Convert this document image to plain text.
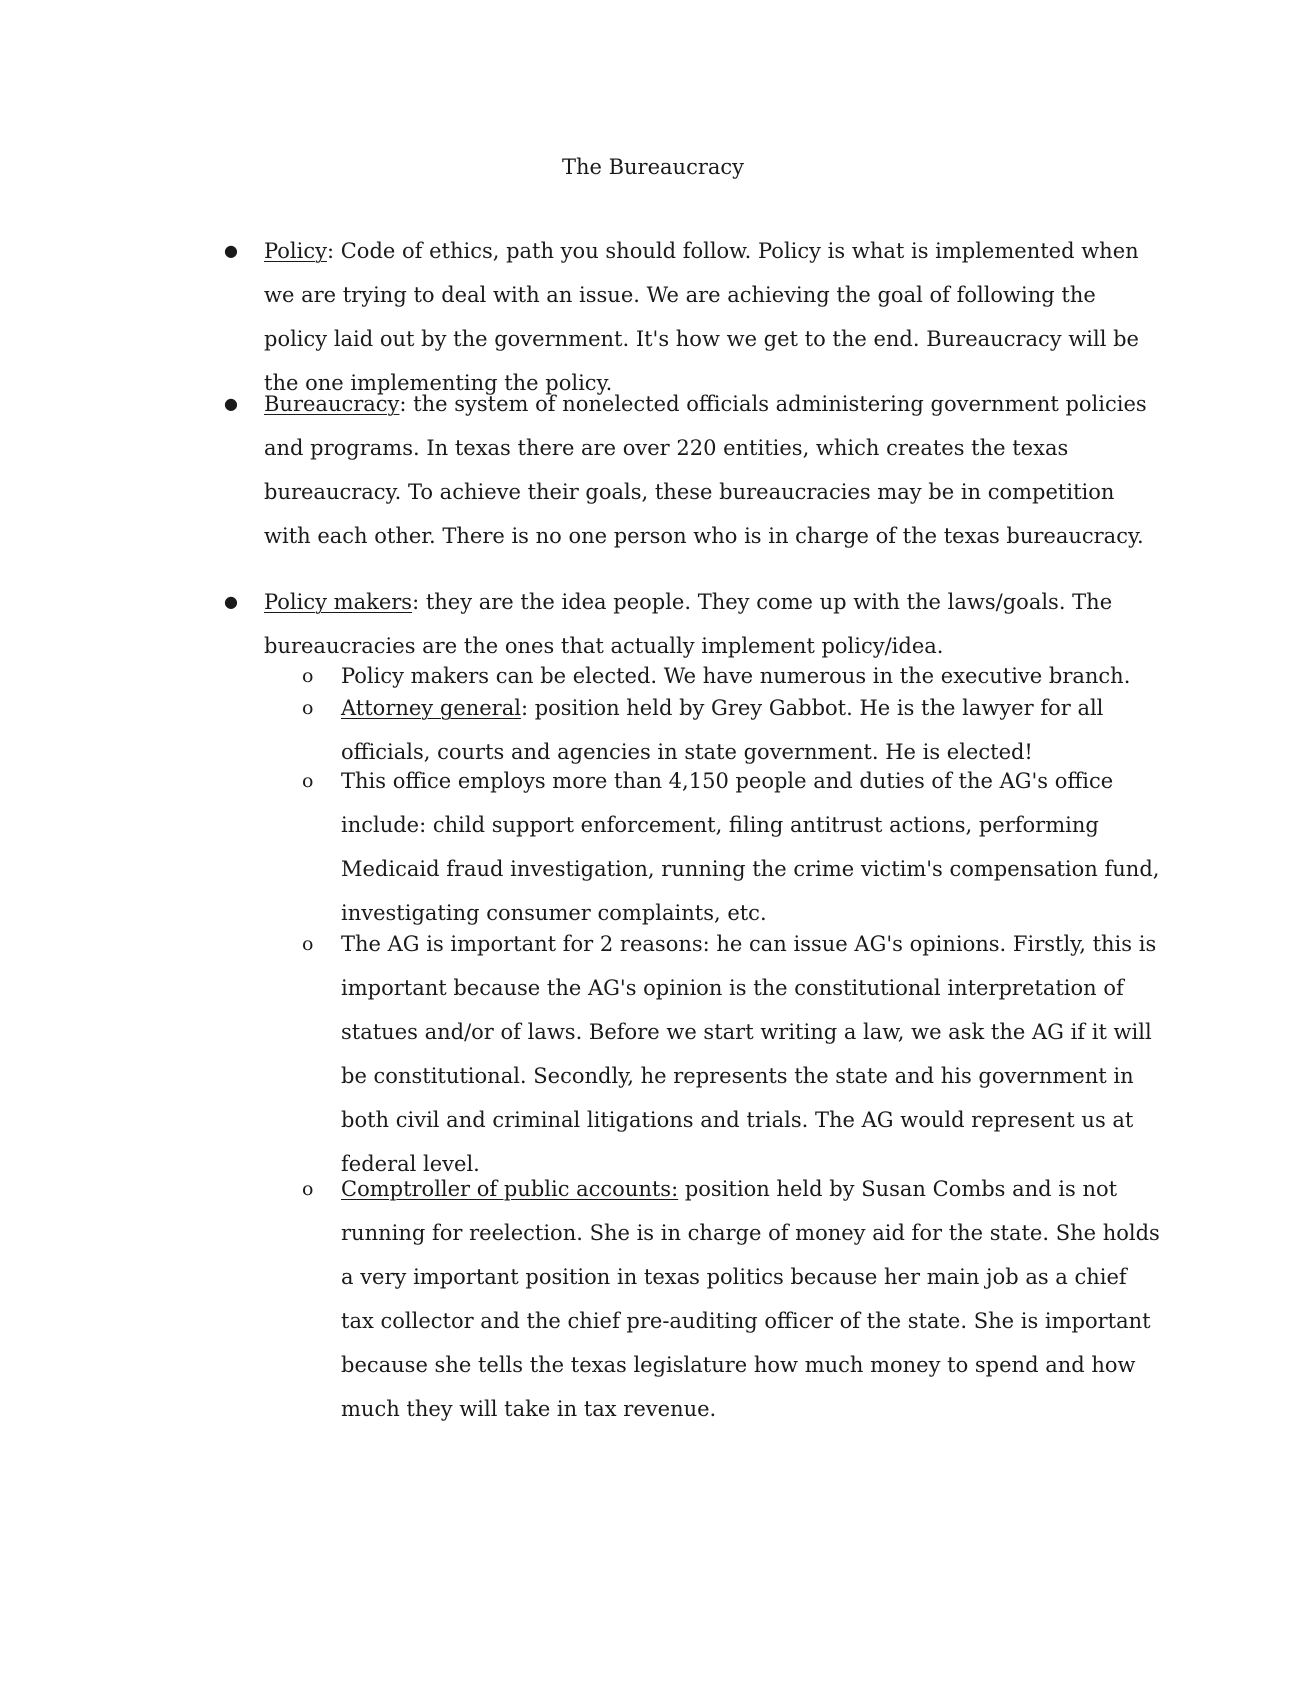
The Bureaucracy
● Policy: Code of ethics, path you should follow. Policy is what is implemented when we are trying to deal with an issue. We are achieving the goal of following the policy laid out by the government. It's how we get to the end. Bureaucracy will be the one implementing the policy.

● Bureaucracy: the system of nonelected officials administering government policies and programs. In texas there are over 220 entities, which creates the texas bureaucracy. To achieve their goals, these bureaucracies may be in competition with each other. There is no one person who is in charge of the texas bureaucracy.

● Policy makers: they are the idea people. They come up with the laws/goals. The bureaucracies are the ones that actually implement policy/idea.

o Policy makers can be elected. We have numerous in the executive branch.

o Attorney general: position held by Grey Gabbot. He is the lawyer for all officials, courts and agencies in state government. He is elected!

o This office employs more than 4,150 people and duties of the AG's office include: child support enforcement, filing antitrust actions, performing Medicaid fraud investigation, running the crime victim's compensation fund, investigating consumer complaints, etc.

o The AG is important for 2 reasons: he can issue AG's opinions. Firstly, this is important because the AG's opinion is the constitutional interpretation of statues and/or of laws. Before we start writing a law, we ask the AG if it will be constitutional. Secondly, he represents the state and his government in both civil and criminal litigations and trials. The AG would represent us at federal level.

o Comptroller of public accounts: position held by Susan Combs and is not running for reelection. She is in charge of money aid for the state. She holds a very important position in texas politics because her main job as a chief tax collector and the chief pre-auditing officer of the state. She is important because she tells the texas legislature how much money to spend and how much they will take in tax revenue.
